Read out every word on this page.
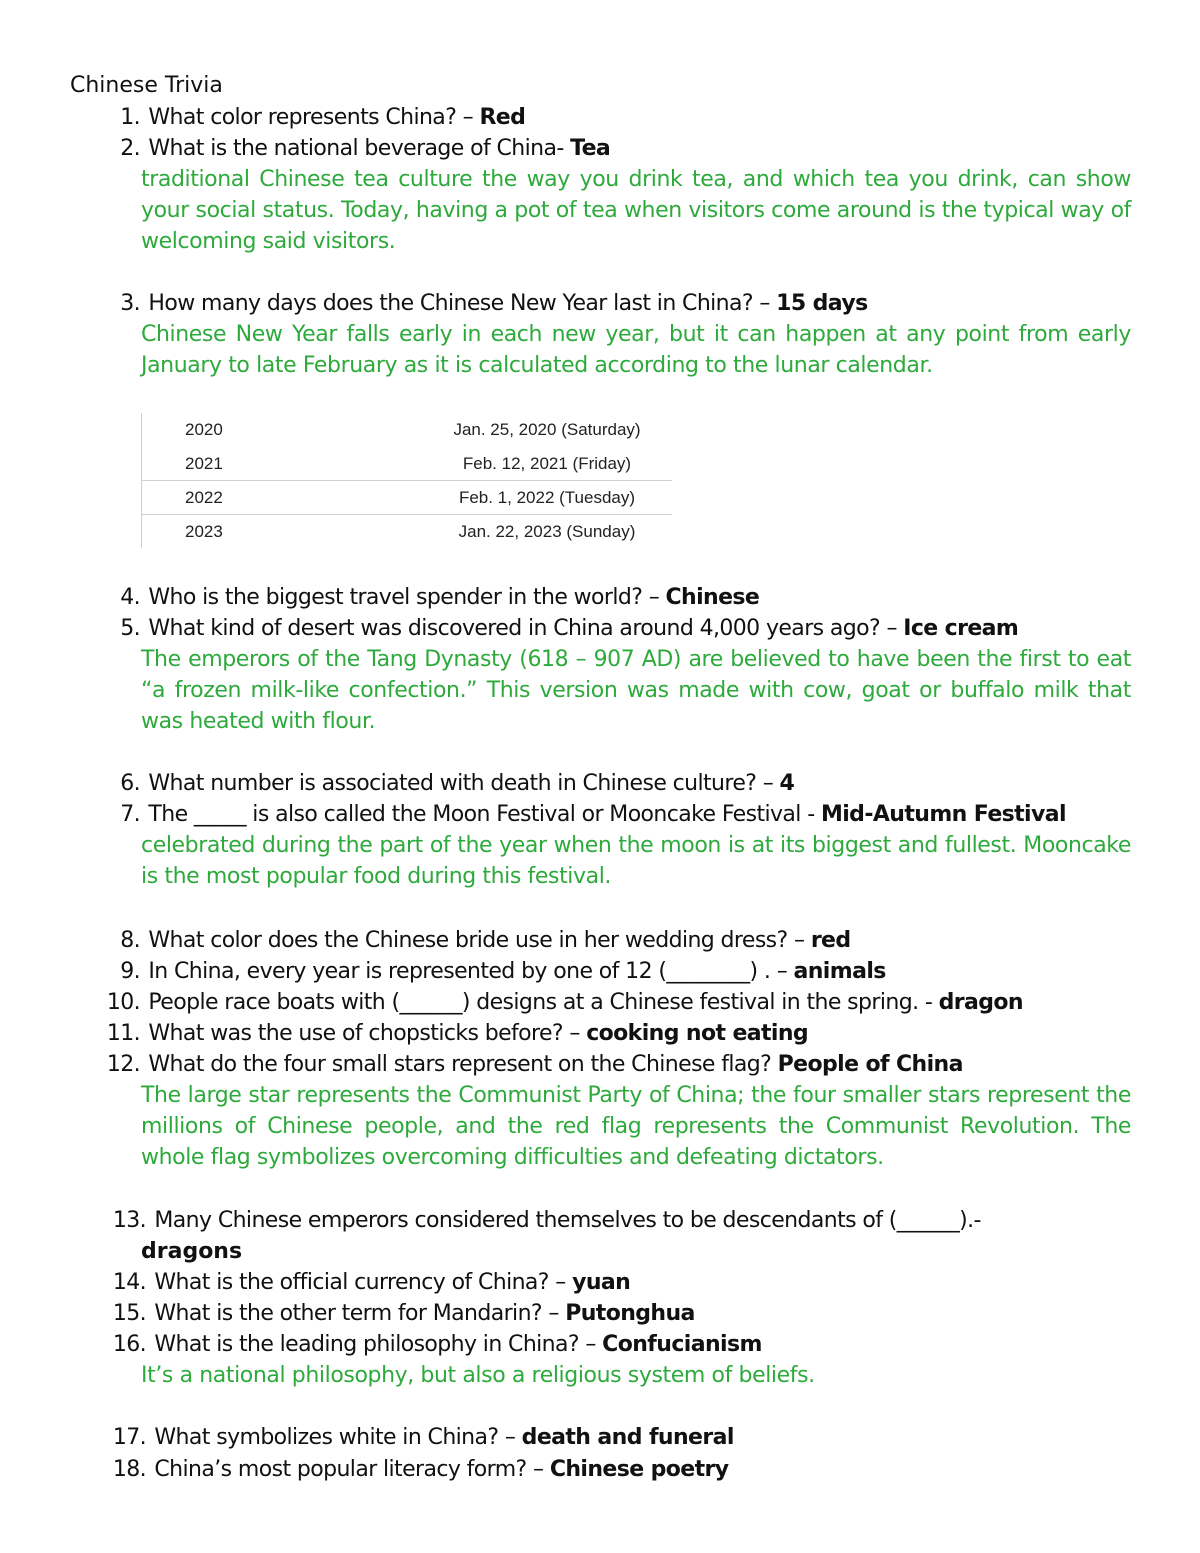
Chinese Trivia
1. What color represents China? – Red
2. What is the national beverage of China- Tea
traditional Chinese tea culture the way you drink tea, and which tea you drink, can show your social status. Today, having a pot of tea when visitors come around is the typical way of welcoming said visitors.
3. How many days does the Chinese New Year last in China? – 15 days
Chinese New Year falls early in each new year, but it can happen at any point from early January to late February as it is calculated according to the lunar calendar.
2020	Jan. 25, 2020 (Saturday)
2021	Feb. 12, 2021 (Friday)
2022	Feb. 1, 2022 (Tuesday)
2023	Jan. 22, 2023 (Sunday)
4. Who is the biggest travel spender in the world? – Chinese
5. What kind of desert was discovered in China around 4,000 years ago? – Ice cream
The emperors of the Tang Dynasty (618 – 907 AD) are believed to have been the first to eat “a frozen milk-like confection.” This version was made with cow, goat or buffalo milk that was heated with flour.
6. What number is associated with death in Chinese culture? – 4
7. The _____ is also called the Moon Festival or Mooncake Festival - Mid-Autumn Festival
celebrated during the part of the year when the moon is at its biggest and fullest. Mooncake is the most popular food during this festival.
8. What color does the Chinese bride use in her wedding dress? – red
9. In China, every year is represented by one of 12 (________) . – animals
10. People race boats with (______) designs at a Chinese festival in the spring. - dragon
11. What was the use of chopsticks before? – cooking not eating
12. What do the four small stars represent on the Chinese flag? People of China
The large star represents the Communist Party of China; the four smaller stars represent the millions of Chinese people, and the red flag represents the Communist Revolution. The whole flag symbolizes overcoming difficulties and defeating dictators.
13. Many Chinese emperors considered themselves to be descendants of (______).-
dragons
14. What is the official currency of China? – yuan
15. What is the other term for Mandarin? – Putonghua
16. What is the leading philosophy in China? – Confucianism
It’s a national philosophy, but also a religious system of beliefs.
17. What symbolizes white in China? – death and funeral
18. China’s most popular literacy form? – Chinese poetry
